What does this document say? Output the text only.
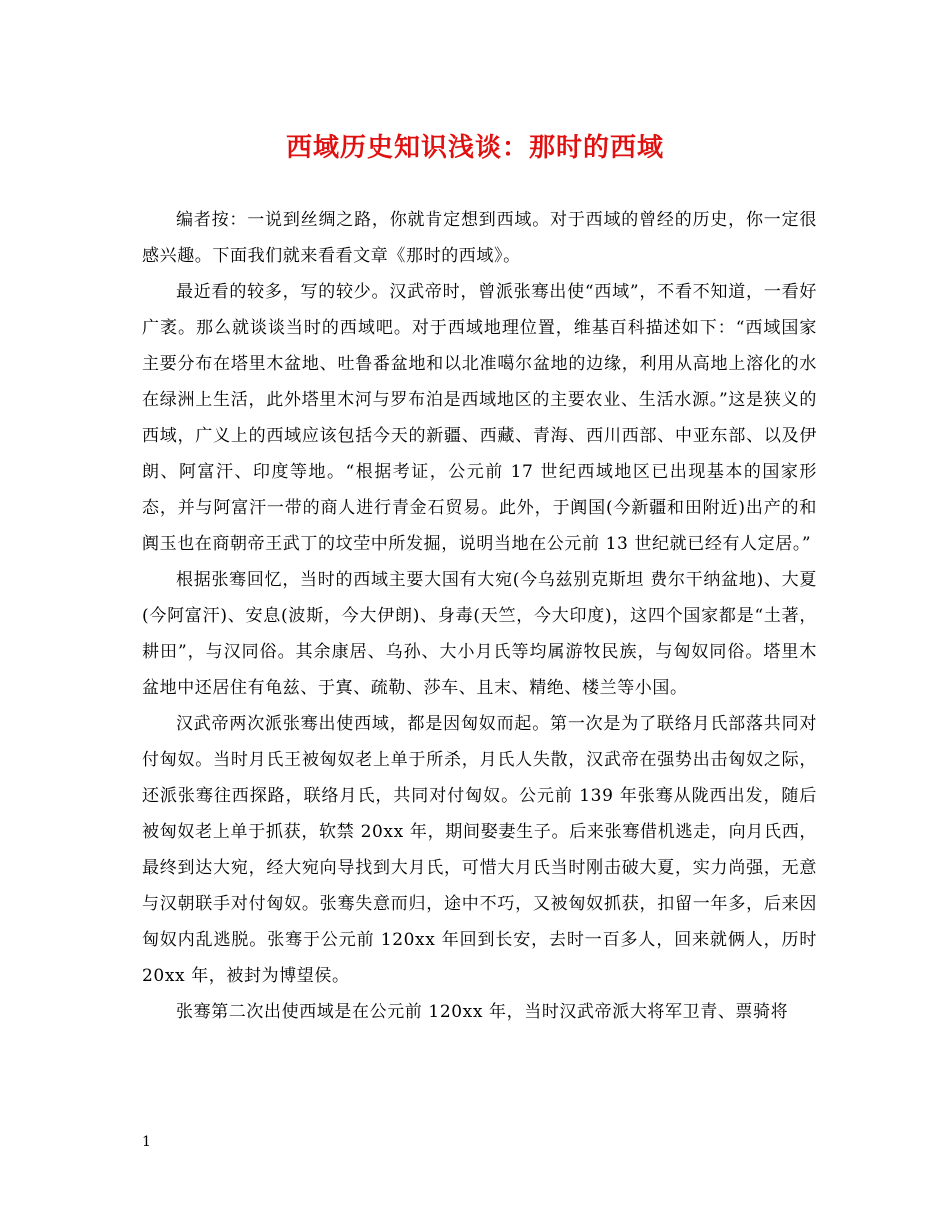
西域历史知识浅谈：那时的西域

编者按：一说到丝绸之路，你就肯定想到西域。对于西域的曾经的历史，你一定很感兴趣。下面我们就来看看文章《那时的西域》。

最近看的较多，写的较少。汉武帝时，曾派张骞出使“西域”，不看不知道，一看好广袤。那么就谈谈当时的西域吧。对于西域地理位置，维基百科描述如下：“西域国家主要分布在塔里木盆地、吐鲁番盆地和以北准噶尔盆地的边缘，利用从高地上溶化的水在绿洲上生活，此外塔里木河与罗布泊是西域地区的主要农业、生活水源。”这是狭义的西域，广义上的西域应该包括今天的新疆、西藏、青海、西川西部、中亚东部、以及伊朗、阿富汗、印度等地。“根据考证，公元前 17 世纪西域地区已出现基本的国家形态，并与阿富汗一带的商人进行青金石贸易。此外，于阗国(今新疆和田附近)出产的和阗玉也在商朝帝王武丁的坟茔中所发掘，说明当地在公元前 13 世纪就已经有人定居。”

根据张骞回忆，当时的西域主要大国有大宛(今乌兹别克斯坦 费尔干纳盆地)、大夏(今阿富汗)、安息(波斯，今大伊朗)、身毒(天竺，今大印度)，这四个国家都是“土著，耕田”，与汉同俗。其余康居、乌孙、大小月氏等均属游牧民族，与匈奴同俗。塔里木盆地中还居住有龟兹、于寘、疏勒、莎车、且末、精绝、楼兰等小国。

汉武帝两次派张骞出使西域，都是因匈奴而起。第一次是为了联络月氏部落共同对付匈奴。当时月氏王被匈奴老上单于所杀，月氏人失散，汉武帝在强势出击匈奴之际，还派张骞往西探路，联络月氏，共同对付匈奴。公元前 139 年张骞从陇西出发，随后被匈奴老上单于抓获，软禁 20xx 年，期间娶妻生子。后来张骞借机逃走，向月氏西，最终到达大宛，经大宛向导找到大月氏，可惜大月氏当时刚击破大夏，实力尚强，无意与汉朝联手对付匈奴。张骞失意而归，途中不巧，又被匈奴抓获，扣留一年多，后来因匈奴内乱逃脱。张骞于公元前 120xx 年回到长安，去时一百多人，回来就俩人，历时 20xx 年，被封为博望侯。

张骞第二次出使西域是在公元前 120xx 年，当时汉武帝派大将军卫青、票骑将

1
